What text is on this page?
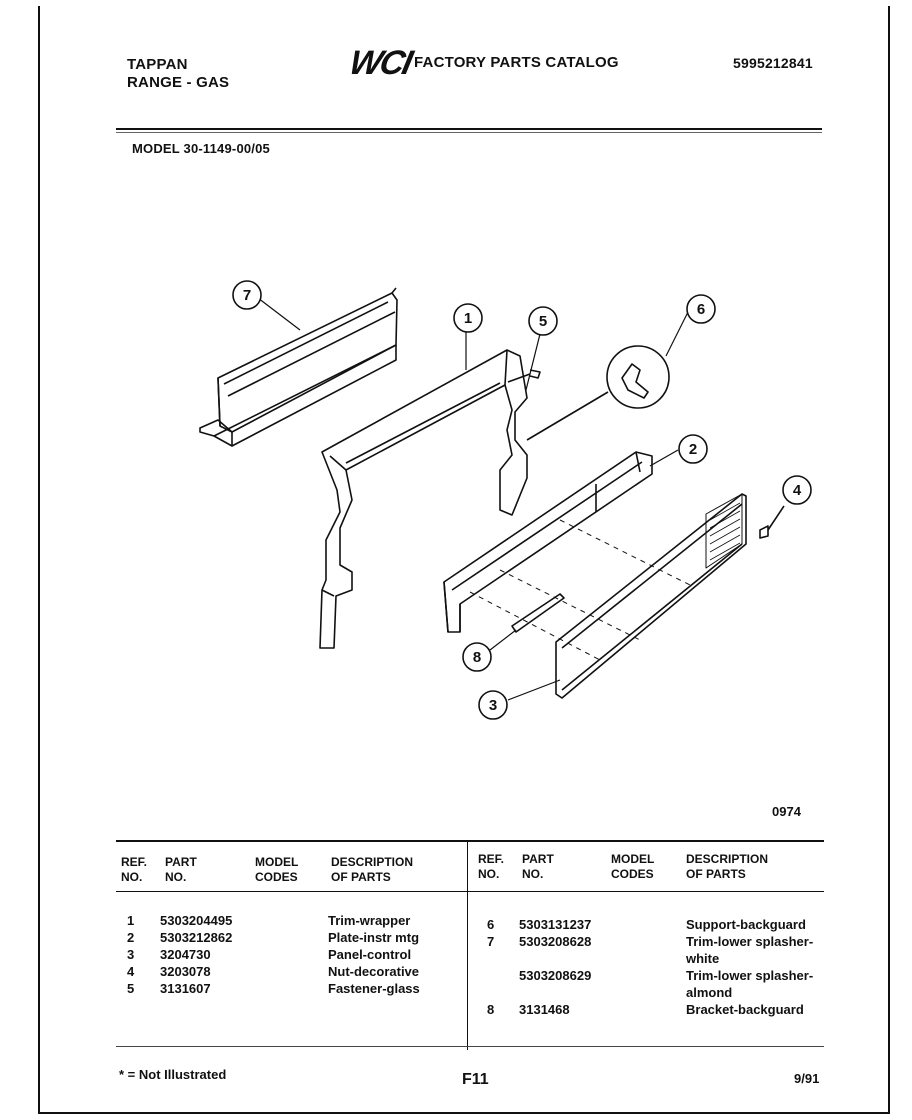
TAPPAN
RANGE - GAS
WCI FACTORY PARTS CATALOG	5995212841
MODEL 30-1149-00/05
7
1	5
6
2
4
8
3
0974
REF.
NO.
PART
NO.
MODEL
CODES
DESCRIPTION
OF PARTS
REF.
NO.
PART
NO.
MODEL
CODES
DESCRIPTION
OF PARTS
1 5303204495	Trim-wrapper
2 5303212862	Plate-instr mtg
3 3204730	Panel-control
4 3203078	Nut-decorative
5 3131607	Fastener-glass
6 5303131237	Support-backguard
7 5303208628	Trim-lower splasher-
white
5303208629	Trim-lower splasher-
almond
8 3131468	Bracket-backguard
* = Not Illustrated	F11	9/91
